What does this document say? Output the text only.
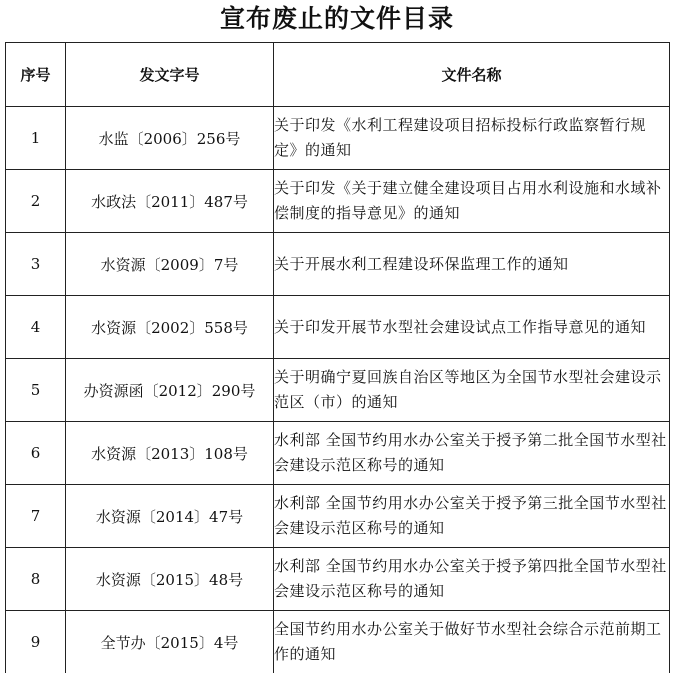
宣布废止的文件目录
序号	发文字号	文件名称
1	水监〔2006〕256号	关于印发《水利工程建设项目招标投标行政监察暂行规定》的通知
2	水政法〔2011〕487号	关于印发《关于建立健全建设项目占用水利设施和水域补偿制度的指导意见》的通知
3	水资源〔2009〕7号	关于开展水利工程建设环保监理工作的通知
4	水资源〔2002〕558号	关于印发开展节水型社会建设试点工作指导意见的通知
5	办资源函〔2012〕290号	关于明确宁夏回族自治区等地区为全国节水型社会建设示范区（市）的通知
6	水资源〔2013〕108号	水利部 全国节约用水办公室关于授予第二批全国节水型社会建设示范区称号的通知
7	水资源〔2014〕47号	水利部 全国节约用水办公室关于授予第三批全国节水型社会建设示范区称号的通知
8	水资源〔2015〕48号	水利部 全国节约用水办公室关于授予第四批全国节水型社会建设示范区称号的通知
9	全节办〔2015〕4号	全国节约用水办公室关于做好节水型社会综合示范前期工作的通知
